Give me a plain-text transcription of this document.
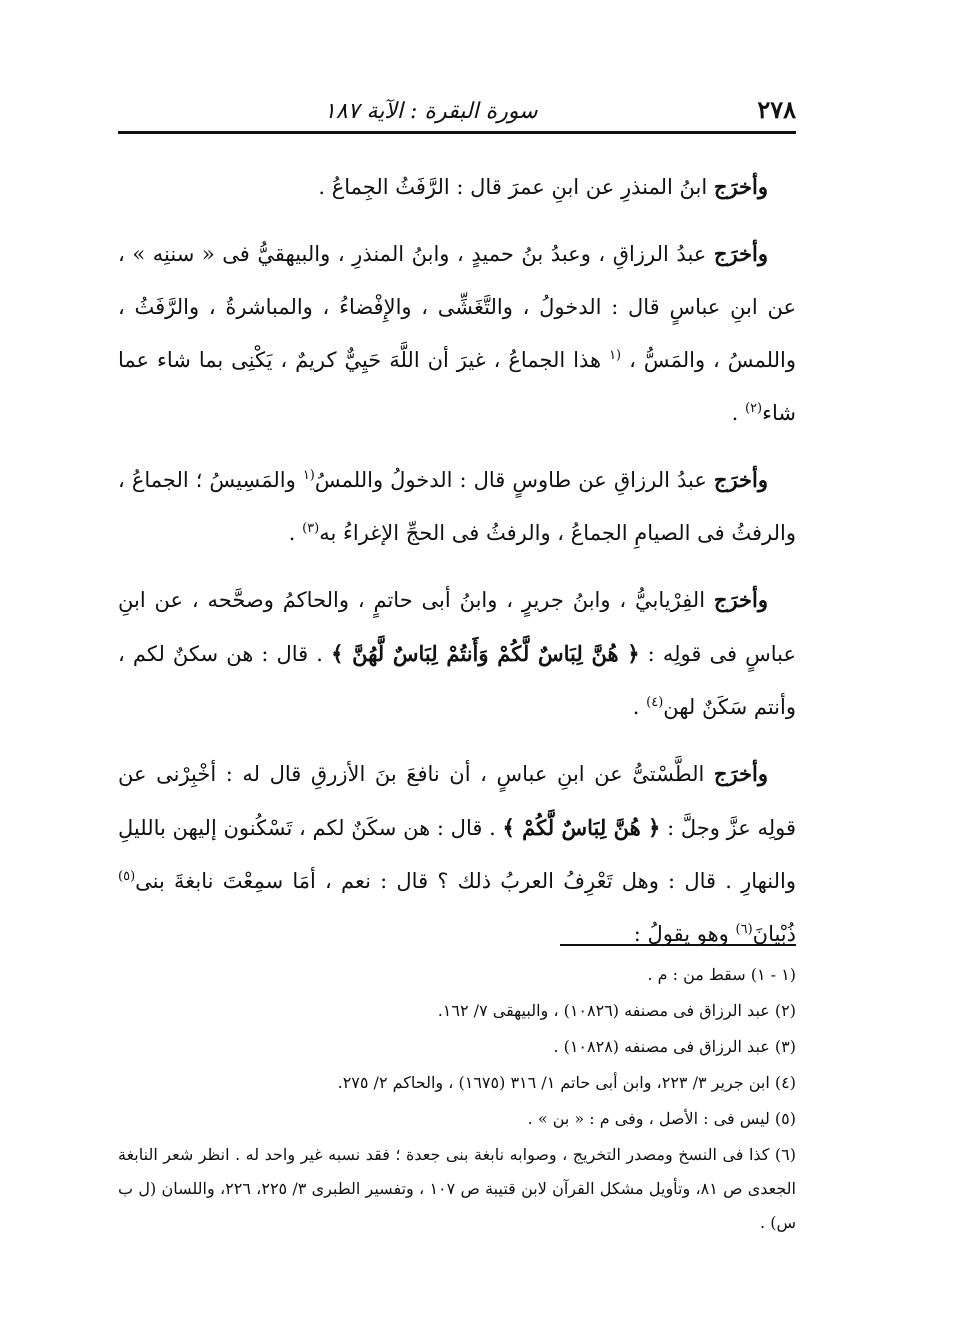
٢٧٨
سورة البقرة : الآية ١٨٧

وأخرَج ابنُ المنذرِ عن ابنِ عمرَ قال : الرَّفَثُ الجِماعُ .

وأخرَج عبدُ الرزاقِ ، وعبدُ بنُ حميدٍ ، وابنُ المنذرِ ، والبيهقيُّ فى « سننِه » ، عن ابنِ عباسٍ قال : الدخولُ ، والتَّغَشِّى ، والإِفْضاءُ ، والمباشرةُ ، والرَّفَثُ ، واللمسُ ، والمَسُّ ، $^{(١}$ هذا الجماعُ ، غيرَ أن اللَّهَ حَيِيٌّ كريمٌ ، يَكْنِى بما شاء عما شاء$^{(٢)}$ .

وأخرَج عبدُ الرزاقِ عن طاوسٍ قال : الدخولُ واللمسُ$^{(١}$ والمَسِيسُ ؛ الجماعُ ، والرفثُ فى الصيامِ الجماعُ ، والرفثُ فى الحجِّ الإغراءُ به$^{(٣)}$ .

وأخرَج الفِرْيابيُّ ، وابنُ جريرٍ ، وابنُ أبى حاتمٍ ، والحاكمُ وصحَّحه ، عن ابنِ عباسٍ فى قولِه : ﴿ هُنَّ لِبَاسٌ لَّكُمْ وَأَنتُمْ لِبَاسٌ لَّهُنَّ ﴾ . قال : هن سكنٌ لكم ، وأنتم سَكَنٌ لهن$^{(٤)}$ .

وأخرَج الطَّسْتىُّ عن ابنِ عباسٍ ، أن نافعَ بنَ الأزرقِ قال له : أخْبِرْنى عن قولِه عزَّ وجلَّ : ﴿ هُنَّ لِبَاسٌ لَّكُمْ ﴾ . قال : هن سكَنٌ لكم ، تَسْكُنون إليهن بالليلِ والنهارِ . قال : وهل تَعْرِفُ العربُ ذلك ؟ قال : نعم ، أمَا سمِعْتَ نابغةَ بنى$^{(٥)}$ ذُبْيانَ$^{(٦)}$ وهو يقولُ :

(١ - ١) سقط من : م .

(٢) عبد الرزاق فى مصنفه (١٠٨٢٦) ، والبيهقى ٧/ ١٦٢.

(٣) عبد الرزاق فى مصنفه (١٠٨٢٨) .

(٤) ابن جرير ٣/ ٢٢٣، وابن أبى حاتم ١/ ٣١٦ (١٦٧٥) ، والحاكم ٢/ ٢٧٥.

(٥) ليس فى : الأصل ، وفى م : « بن » .

(٦) كذا فى النسخ ومصدر التخريج ، وصوابه نابغة بنى جعدة ؛ فقد نسبه غير واحد له . انظر شعر النابغة الجعدى ص ٨١، وتأويل مشكل القرآن لابن قتيبة ص ١٠٧ ، وتفسير الطبرى ٣/ ٢٢٥، ٢٢٦، واللسان (ل ب س) .
